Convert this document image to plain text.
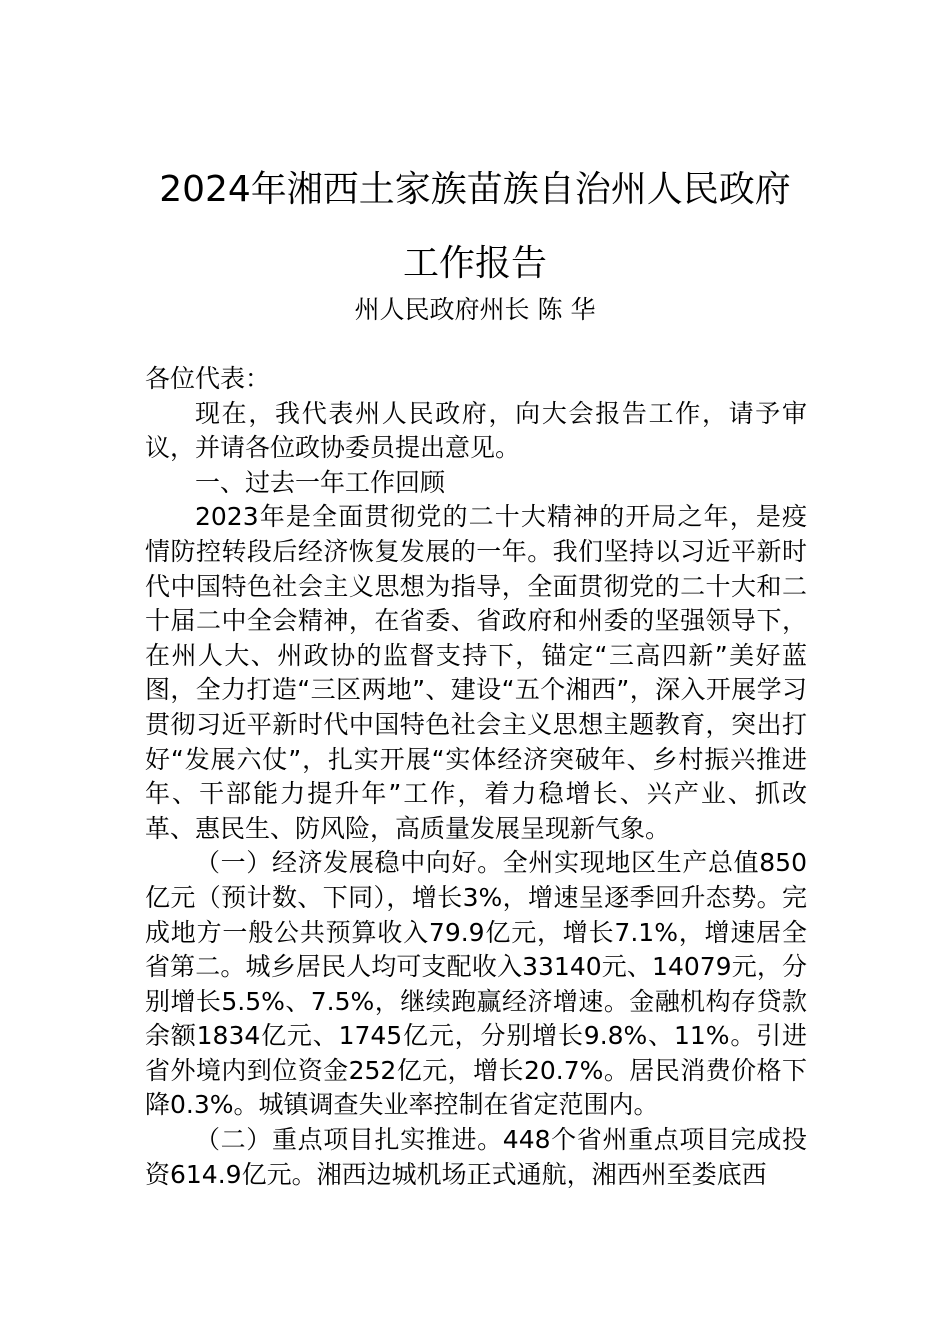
2024年湘西土家族苗族自治州人民政府工作报告
州人民政府州长 陈 华

各位代表：

现在，我代表州人民政府，向大会报告工作，请予审议，并请各位政协委员提出意见。

一、过去一年工作回顾

2023年是全面贯彻党的二十大精神的开局之年，是疫情防控转段后经济恢复发展的一年。我们坚持以习近平新时代中国特色社会主义思想为指导，全面贯彻党的二十大和二十届二中全会精神，在省委、省政府和州委的坚强领导下，在州人大、州政协的监督支持下，锚定“三高四新”美好蓝图，全力打造“三区两地”、建设“五个湘西”，深入开展学习贯彻习近平新时代中国特色社会主义思想主题教育，突出打好“发展六仗”，扎实开展“实体经济突破年、乡村振兴推进年、干部能力提升年”工作，着力稳增长、兴产业、抓改革、惠民生、防风险，高质量发展呈现新气象。

（一）经济发展稳中向好。全州实现地区生产总值850亿元（预计数、下同），增长3%，增速呈逐季回升态势。完成地方一般公共预算收入79.9亿元，增长7.1%，增速居全省第二。城乡居民人均可支配收入33140元、14079元，分别增长5.5%、7.5%，继续跑赢经济增速。金融机构存贷款余额1834亿元、1745亿元，分别增长9.8%、11%。引进省外境内到位资金252亿元，增长20.7%。居民消费价格下降0.3%。城镇调查失业率控制在省定范围内。

（二）重点项目扎实推进。448个省州重点项目完成投资614.9亿元。湘西边城机场正式通航，湘西州至娄底西
